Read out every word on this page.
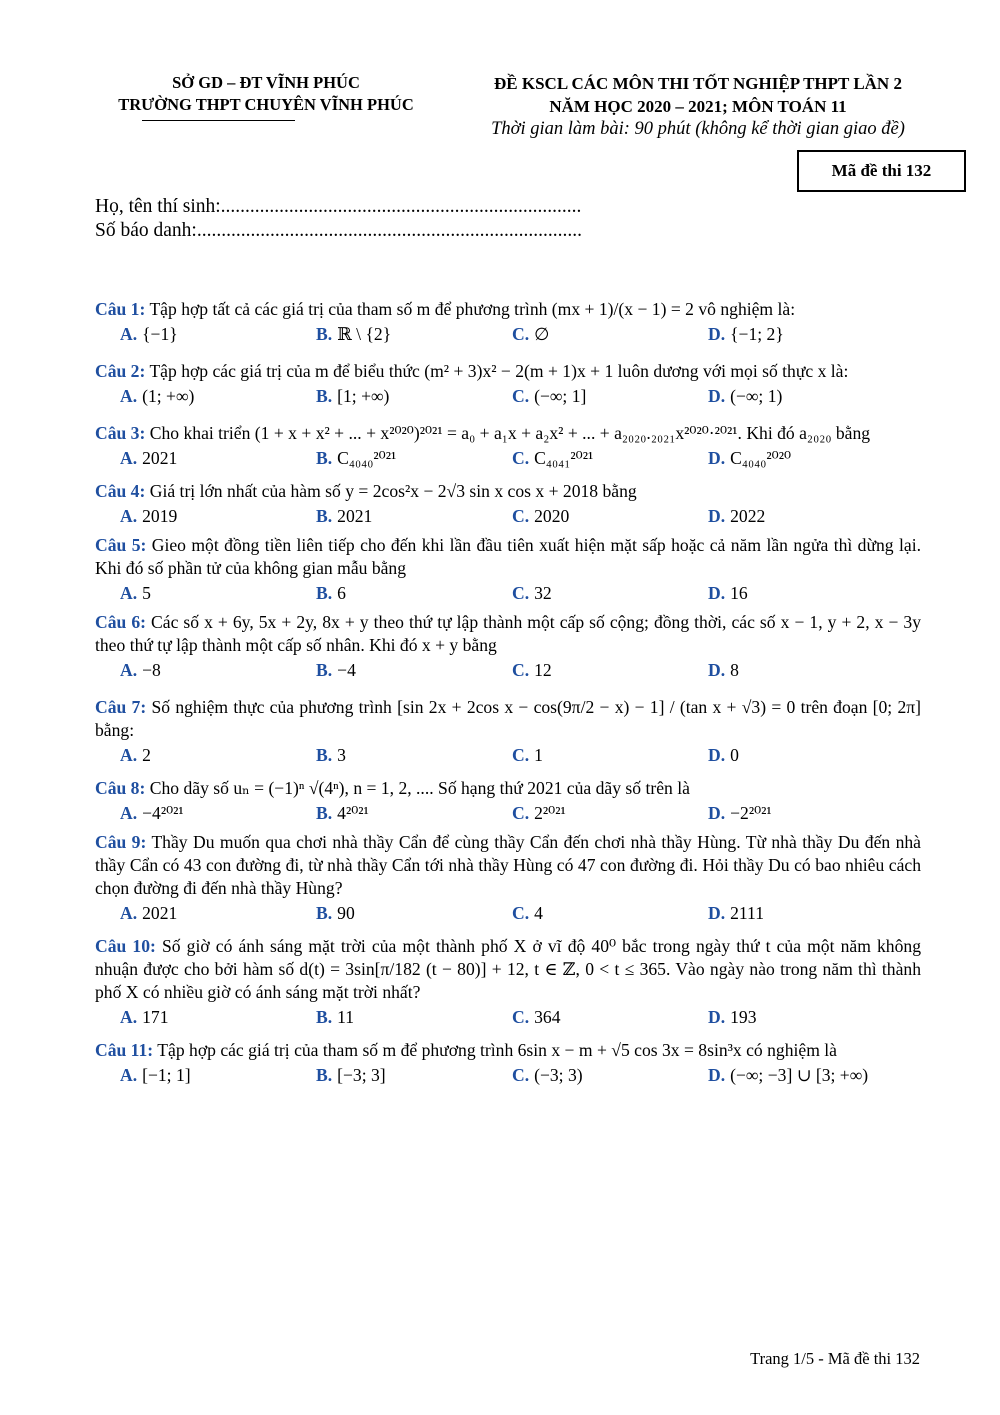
SỞ GD – ĐT VĨNH PHÚC
TRƯỜNG THPT CHUYÊN VĨNH PHÚC
ĐỀ KSCL CÁC MÔN THI TỐT NGHIỆP THPT LẦN 2
NĂM HỌC 2020 – 2021; MÔN TOÁN 11
Thời gian làm bài: 90 phút (không kể thời gian giao đề)
Mã đề thi 132
Họ, tên thí sinh:..........................................................................
Số báo danh:...............................................................................
Câu 1: Tập hợp tất cả các giá trị của tham số m để phương trình (mx + 1)/(x − 1) = 2 vô nghiệm là:
A. {−1}	B. ℝ \ {2}	C. ∅	D. {−1; 2}
Câu 2: Tập hợp các giá trị của m để biểu thức (m² + 3)x² − 2(m + 1)x + 1 luôn dương với mọi số thực x là:
A. (1; +∞)	B. [1; +∞)	C. (−∞; 1]	D. (−∞; 1)
Câu 3: Cho khai triển (1 + x + x² + ... + x²⁰²⁰)²⁰²¹ = a₀ + a₁x + a₂x² + ... + a₂₀₂₀.₂₀₂₁x²⁰²⁰·²⁰²¹. Khi đó a₂₀₂₀ bằng
A. 2021	B. C₄₀₄₀²⁰²¹	C. C₄₀₄₁²⁰²¹	D. C₄₀₄₀²⁰²⁰
Câu 4: Giá trị lớn nhất của hàm số y = 2cos²x − 2√3 sin x cos x + 2018 bằng
A. 2019	B. 2021	C. 2020	D. 2022
Câu 5: Gieo một đồng tiền liên tiếp cho đến khi lần đầu tiên xuất hiện mặt sấp hoặc cả năm lần ngửa thì dừng lại. Khi đó số phần tử của không gian mẫu bằng
A. 5	B. 6	C. 32	D. 16
Câu 6: Các số x + 6y, 5x + 2y, 8x + y theo thứ tự lập thành một cấp số cộng; đồng thời, các số x − 1, y + 2, x − 3y theo thứ tự lập thành một cấp số nhân. Khi đó x + y bằng
A. −8	B. −4	C. 12	D. 8
Câu 7: Số nghiệm thực của phương trình [sin 2x + 2cos x − cos(9π/2 − x) − 1] / (tan x + √3) = 0 trên đoạn [0; 2π] bằng:
A. 2	B. 3	C. 1	D. 0
Câu 8: Cho dãy số uₙ = (−1)ⁿ √(4ⁿ), n = 1, 2, .... Số hạng thứ 2021 của dãy số trên là
A. −4²⁰²¹	B. 4²⁰²¹	C. 2²⁰²¹	D. −2²⁰²¹
Câu 9: Thầy Du muốn qua chơi nhà thầy Cẩn để cùng thầy Cẩn đến chơi nhà thầy Hùng. Từ nhà thầy Du đến nhà thầy Cẩn có 43 con đường đi, từ nhà thầy Cẩn tới nhà thầy Hùng có 47 con đường đi. Hỏi thầy Du có bao nhiêu cách chọn đường đi đến nhà thầy Hùng?
A. 2021	B. 90	C. 4	D. 2111
Câu 10: Số giờ có ánh sáng mặt trời của một thành phố X ở vĩ độ 40⁰ bắc trong ngày thứ t của một năm không nhuận được cho bởi hàm số d(t) = 3sin[π/182 (t − 80)] + 12, t ∈ ℤ, 0 < t ≤ 365. Vào ngày nào trong năm thì thành phố X có nhiều giờ có ánh sáng mặt trời nhất?
A. 171	B. 11	C. 364	D. 193
Câu 11: Tập hợp các giá trị của tham số m để phương trình 6sin x − m + √5 cos 3x = 8sin³x có nghiệm là
A. [−1; 1]	B. [−3; 3]	C. (−3; 3)	D. (−∞; −3] ∪ [3; +∞)
Trang 1/5 - Mã đề thi 132
